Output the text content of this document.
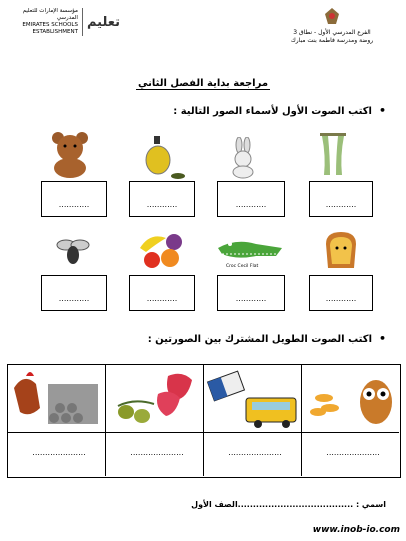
الفرع المدرسي الأول - نطاق 3
روضة ومدرسة فاطمة بنت مبارك
مؤسسة الإمارات للتعليم المدرسي
EMIRATES SCHOOLS
ESTABLISHMENT
تعليم
مراجعة بداية الفصل الثاني
•  اكتب الصوت الأول لأسماء الصور التالية :
............
............
............
............
Croc Cecil Flat
............
............
............
............
•  اكتب الصوت الطويل المشترك بين الصورتين :
.....................
.....................
.....................
.....................
اسمي : ......................................الصف الأول
www.inob-io.com
